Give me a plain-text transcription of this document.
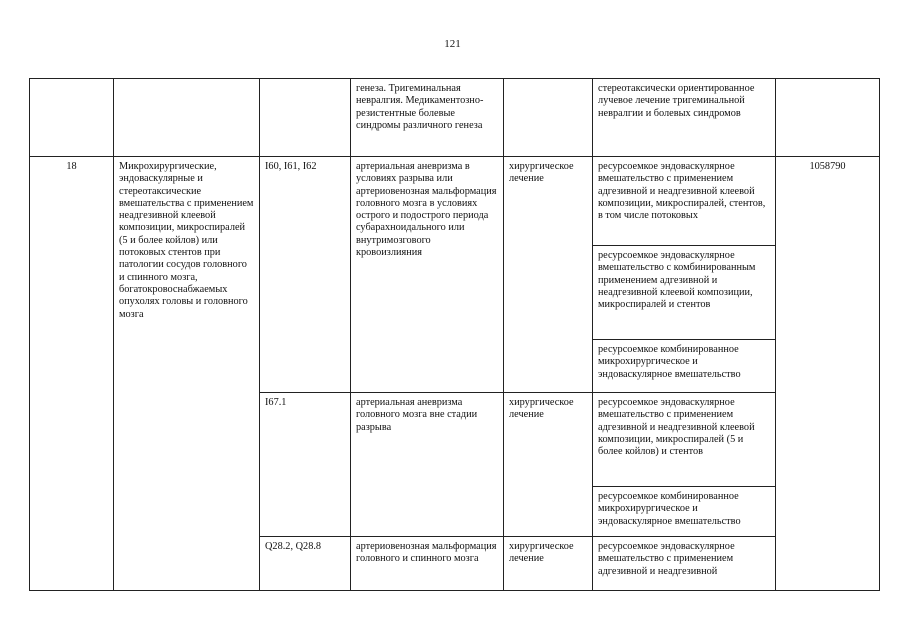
121
			генеза. Тригеминальная невралгия. Медикаментозно-резистентные болевые синдромы различного генеза		стереотаксически ориентированное лучевое лечение тригеминальной невралгии и болевых синдромов	
18	Микрохирургические, эндоваскулярные и стереотаксические вмешательства с применением неадгезивной клеевой композиции, микроспиралей (5 и более койлов) или потоковых стентов при патологии сосудов головного и спинного мозга, богатокровоснабжаемых опухолях головы и головного мозга	I60, I61, I62	артериальная аневризма в условиях разрыва или артериовенозная мальформация головного мозга в условиях острого и подострого периода субарахноидального или внутримозгового кровоизлияния	хирургическое лечение	ресурсоемкое эндоваскулярное вмешательство с применением адгезивной и неадгезивной клеевой композиции, микроспиралей, стентов, в том числе потоковых	1058790
					ресурсоемкое эндоваскулярное вмешательство с комбинированным применением адгезивной и неадгезивной клеевой композиции, микроспиралей и стентов	
					ресурсоемкое комбинированное микрохирургическое и эндоваскулярное вмешательство	
		I67.1	артериальная аневризма головного мозга вне стадии разрыва	хирургическое лечение	ресурсоемкое эндоваскулярное вмешательство с применением адгезивной и неадгезивной клеевой композиции, микроспиралей (5 и более койлов) и стентов	
					ресурсоемкое комбинированное микрохирургическое и эндоваскулярное вмешательство	
		Q28.2, Q28.8	артериовенозная мальформация головного и спинного мозга	хирургическое лечение	ресурсоемкое эндоваскулярное вмешательство с применением адгезивной и неадгезивной	
